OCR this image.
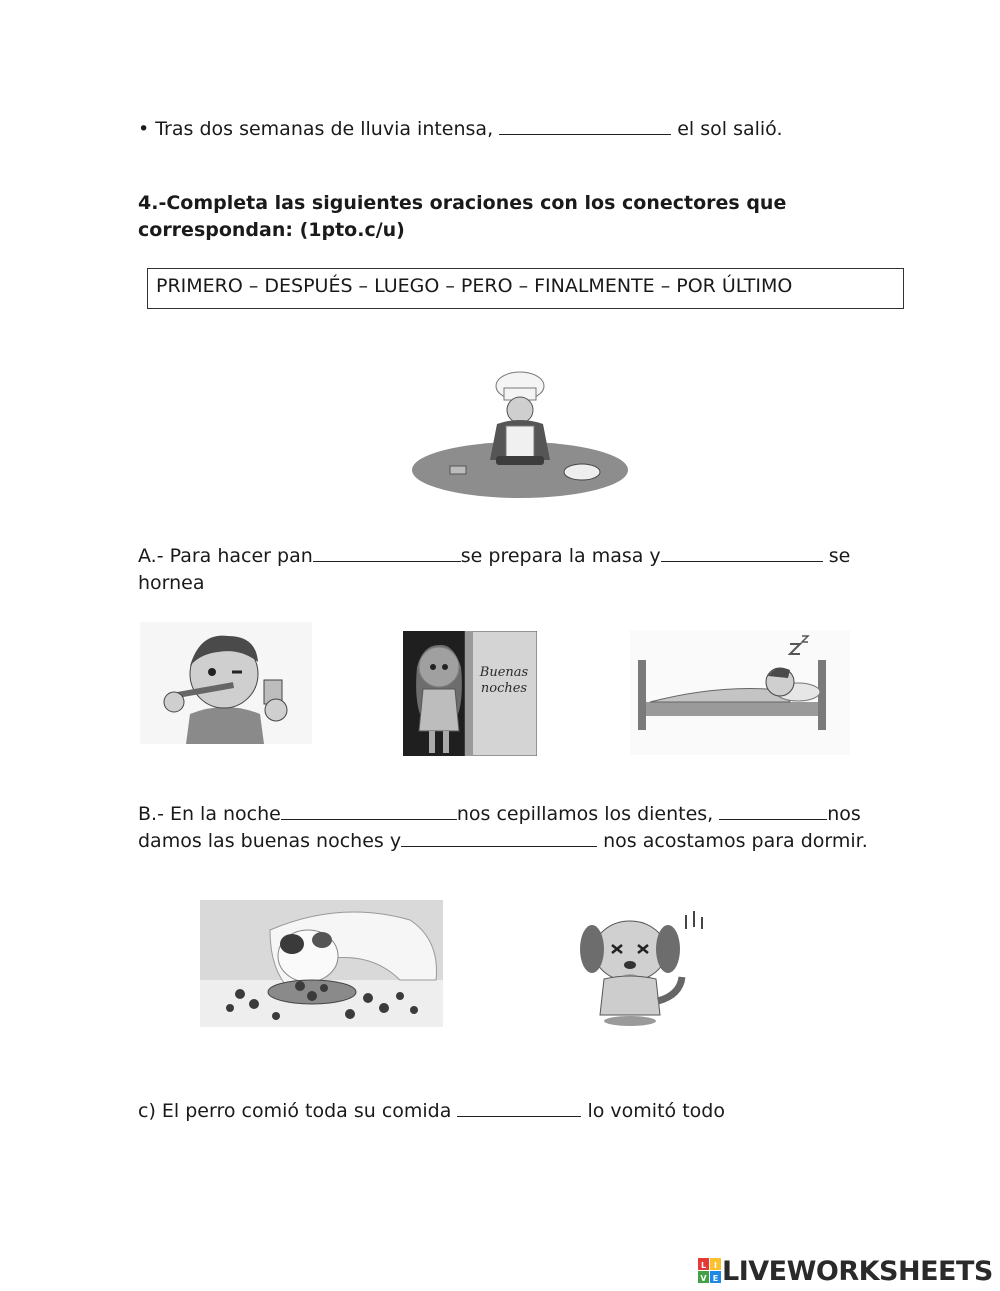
• Tras dos semanas de lluvia intensa,	el sol salió.
4.-Completa las siguientes oraciones con los conectores que
correspondan: (1pto.c/u)
PRIMERO – DESPUÉS – LUEGO – PERO – FINALMENTE – POR ÚLTIMO
A.- Para hacer pan	se prepara la masa y	se
hornea
Buenas noches
B.- En la noche	nos cepillamos los dientes,	nos
damos las buenas noches y	nos acostamos para dormir.
c) El perro comió toda su comida	lo vomitó todo
L I
V E LIVEWORKSHEETS
